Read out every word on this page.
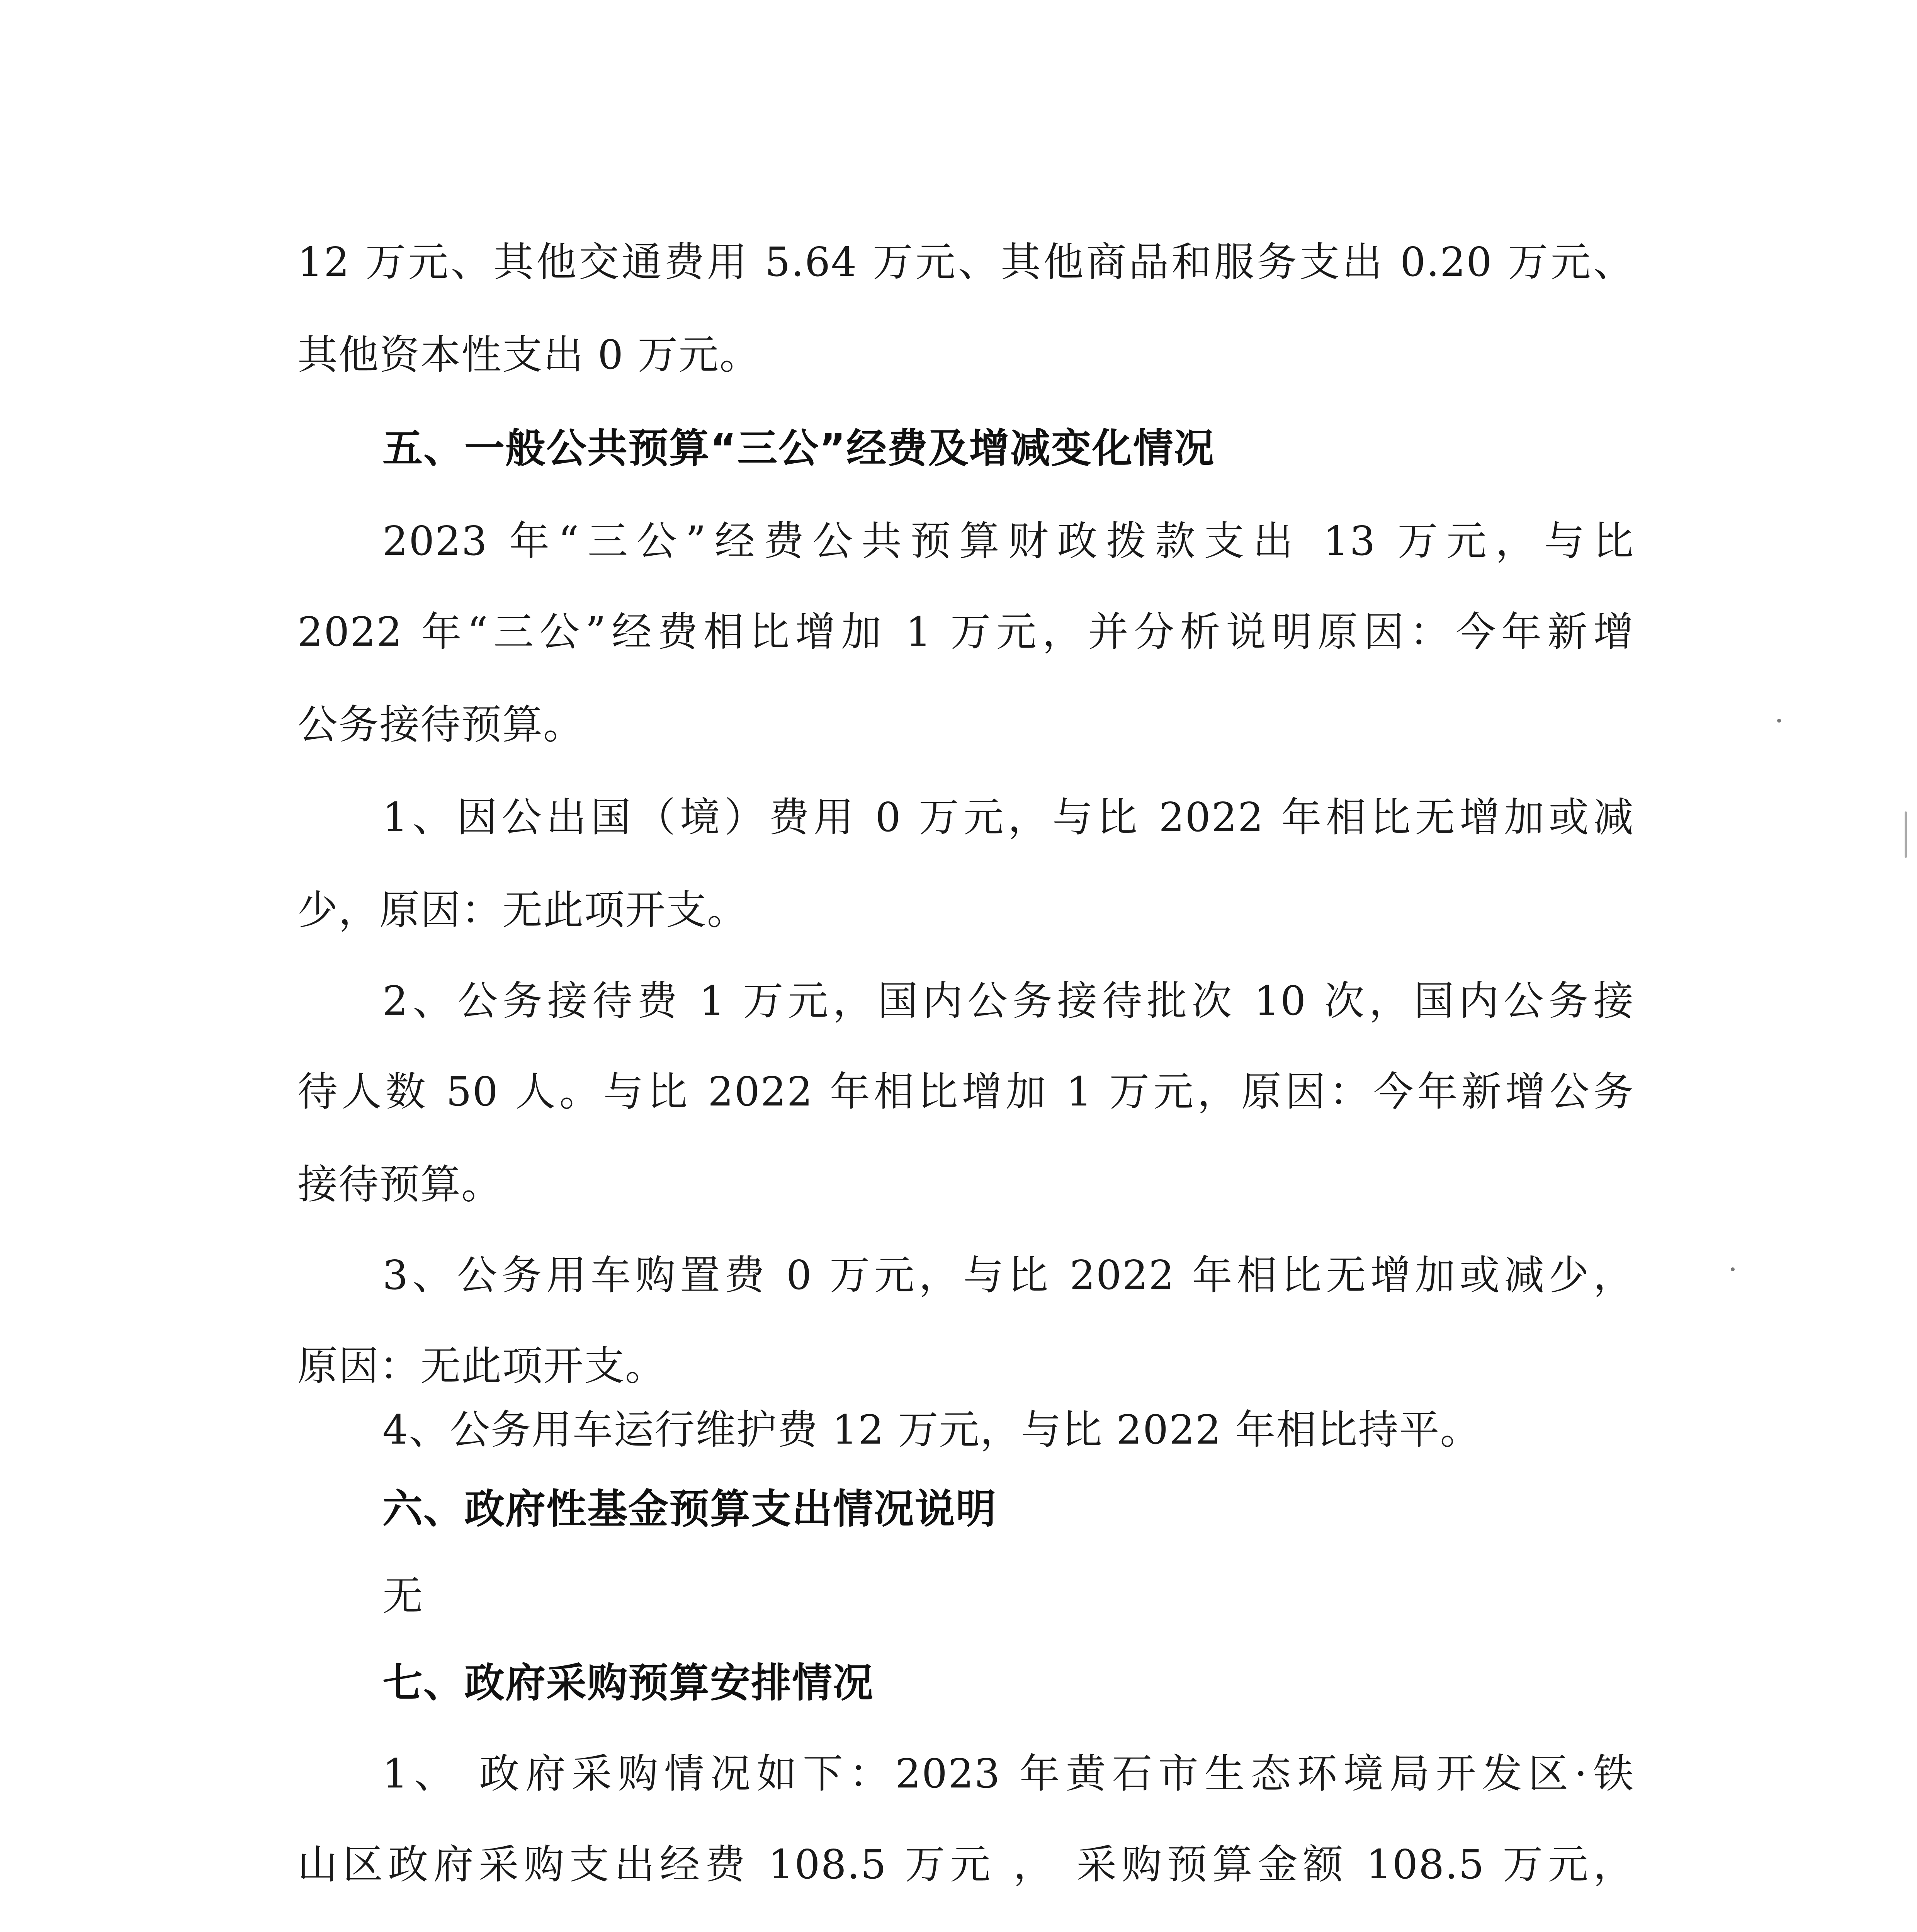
12 万元、其他交通费用 5.64 万元、其他商品和服务支出 0.20 万元、
其他资本性支出 0 万元。
五、一般公共预算“三公”经费及增减变化情况
2023 年“三公”经费公共预算财政拨款支出 13 万元，与比
2022 年“三公”经费相比增加 1 万元，并分析说明原因：今年新增
公务接待预算。
1、因公出国（境）费用 0 万元，与比 2022 年相比无增加或减
少，原因：无此项开支。
2、公务接待费 1 万元，国内公务接待批次 10 次，国内公务接
待人数 50 人。与比 2022 年相比增加 1 万元，原因：今年新增公务
接待预算。
3、公务用车购置费 0 万元，与比 2022 年相比无增加或减少，
原因：无此项开支。
4、公务用车运行维护费 12 万元，与比 2022 年相比持平。
六、政府性基金预算支出情况说明
无
七、政府采购预算安排情况
1、 政府采购情况如下：2023 年黄石市生态环境局开发区·铁
山区政府采购支出经费 108.5 万元 ， 采购预算金额 108.5 万元，
